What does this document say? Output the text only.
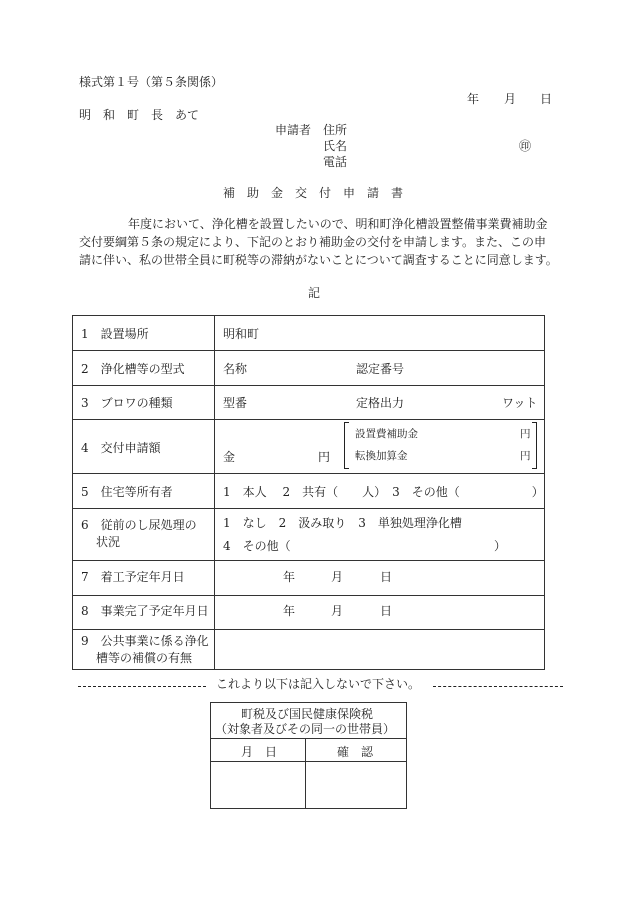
様式第１号（第５条関係）
年 月 日
明　和　町　長　あて
申請者 住所
氏名	㊞
電話
補　助　金　交　付　申　請　書
年度において、浄化槽を設置したいので、明和町浄化槽設置整備事業費補助金
交付要綱第５条の規定により、下記のとおり補助金の交付を申請します。また、この申
請に伴い、私の世帯全員に町税等の滞納がないことについて調査することに同意します。
記
1　設置場所	明和町
2　浄化槽等の型式	名称	認定番号
3　ブロワの種類	型番	定格出力	ワット
4　交付申請額
金	円
設置費補助金	円
転換加算金	円
5　住宅等所有者	1　本人　 2　共有（　　人）　3　その他（　　　　　　）
6　従前のし尿処理の
状況
1　なし　2　汲み取り　3　単独処理浄化槽
4　その他（	）
7　着工予定年月日	年	月	日
8　事業完了予定年月日	年	月	日
9　公共事業に係る浄化
槽等の補償の有無
これより以下は記入しないで下さい。
町税及び国民健康保険税
（対象者及びその同一の世帯員）
月　日	確　認
